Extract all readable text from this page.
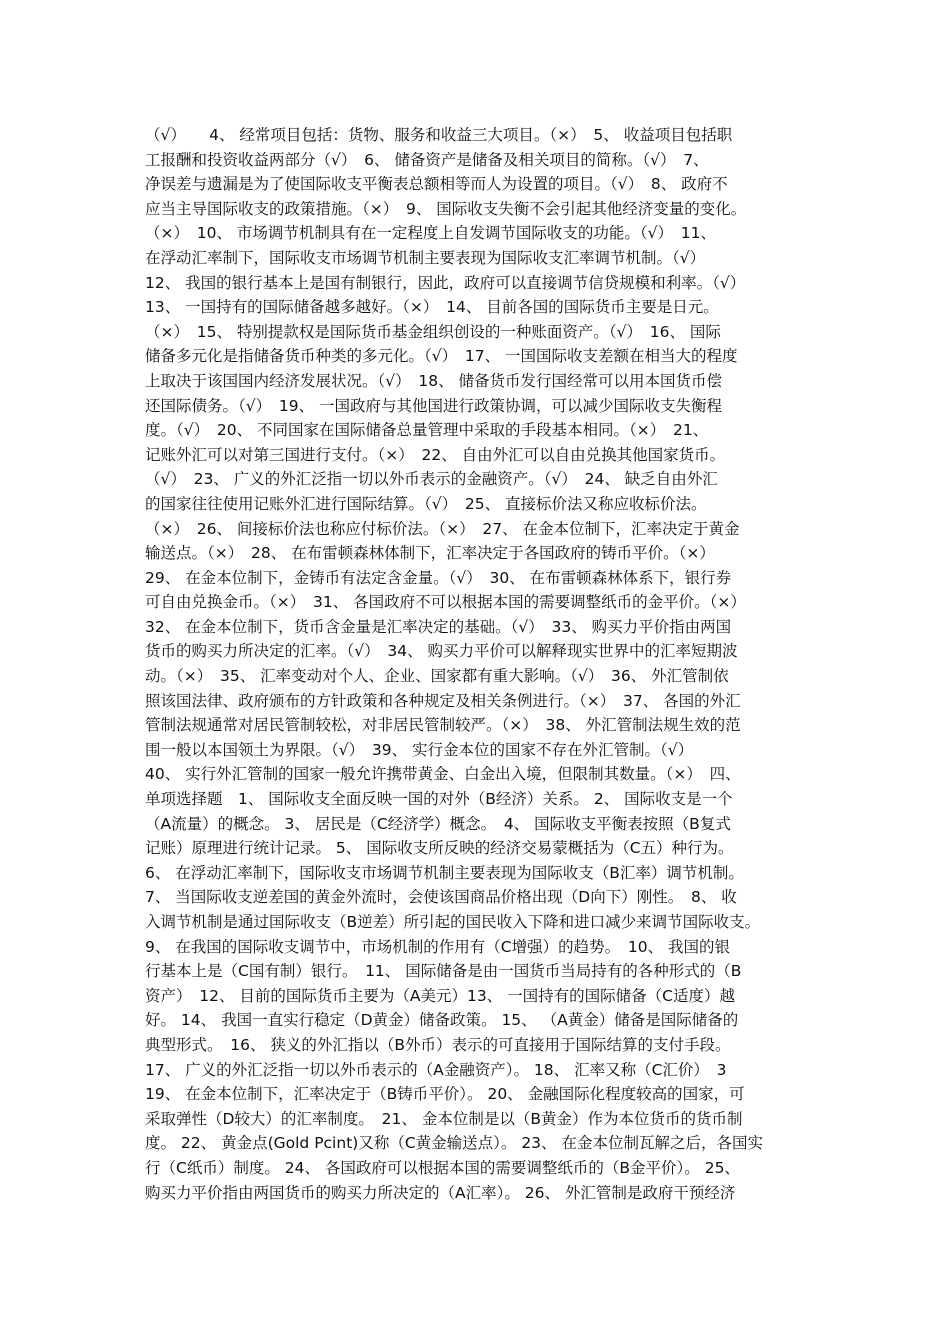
（√）　　4、 经常项目包括：货物、服务和收益三大项目。（×）　5、 收益项目包括职
工报酬和投资收益两部分（√）　6、 储备资产是储备及相关项目的简称。（√）　7、
净误差与遗漏是为了使国际收支平衡表总额相等而人为设置的项目。（√）　8、 政府不
应当主导国际收支的政策措施。（×）　9、 国际收支失衡不会引起其他经济变量的变化。
（×）　10、 市场调节机制具有在一定程度上自发调节国际收支的功能。（√）　11、
在浮动汇率制下，国际收支市场调节机制主要表现为国际收支汇率调节机制。（√）
12、 我国的银行基本上是国有制银行，因此，政府可以直接调节信贷规模和利率。（√）
13、 一国持有的国际储备越多越好。（×）　14、 目前各国的国际货币主要是日元。
（×）　15、 特别提款权是国际货币基金组织创设的一种账面资产。（√）　16、 国际
储备多元化是指储备货币种类的多元化。（√）　17、 一国国际收支差额在相当大的程度
上取决于该国国内经济发展状况。（√）　18、 储备货币发行国经常可以用本国货币偿
还国际债务。（√）　19、 一国政府与其他国进行政策协调，可以减少国际收支失衡程
度。（√）　20、 不同国家在国际储备总量管理中采取的手段基本相同。（×）　21、
记账外汇可以对第三国进行支付。（×）　22、 自由外汇可以自由兑换其他国家货币。
（√）　23、 广义的外汇泛指一切以外币表示的金融资产。（√）　24、 缺乏自由外汇
的国家往往使用记账外汇进行国际结算。（√）　25、 直接标价法又称应收标价法。
（×）　26、 间接标价法也称应付标价法。（×）　27、 在金本位制下，汇率决定于黄金
输送点。（×）　28、 在布雷顿森林体制下，汇率决定于各国政府的铸币平价。（×）
29、 在金本位制下，金铸币有法定含金量。（√）　30、 在布雷顿森林体系下，银行券
可自由兑换金币。（×）　31、 各国政府不可以根据本国的需要调整纸币的金平价。（×）
32、 在金本位制下，货币含金量是汇率决定的基础。（√）　33、 购买力平价指由两国
货币的购买力所决定的汇率。（√）　34、 购买力平价可以解释现实世界中的汇率短期波
动。（×）　35、 汇率变动对个人、企业、国家都有重大影响。（√）　36、 外汇管制依
照该国法律、政府颁布的方针政策和各种规定及相关条例进行。（×）　37、 各国的外汇
管制法规通常对居民管制较松，对非居民管制较严。（×）　38、 外汇管制法规生效的范
围一般以本国领土为界限。（√）　39、 实行金本位的国家不存在外汇管制。（√）
40、 实行外汇管制的国家一般允许携带黄金、白金出入境，但限制其数量。（×）　四、
单项选择题　1、 国际收支全面反映一国的对外（B经济）关系。 2、 国际收支是一个
（A流量）的概念。 3、 居民是（C经济学）概念。　4、 国际收支平衡表按照（B复式
记账）原理进行统计记录。 5、 国际收支所反映的经济交易蒙概括为（C五）种行为。
6、 在浮动汇率制下，国际收支市场调节机制主要表现为国际收支（B汇率）调节机制。
7、 当国际收支逆差国的黄金外流时，会使该国商品价格出现（D向下）刚性。　8、 收
入调节机制是通过国际收支（B逆差）所引起的国民收入下降和进口减少来调节国际收支。
9、 在我国的国际收支调节中，市场机制的作用有（C增强）的趋势。　10、 我国的银
行基本上是（C国有制）银行。　11、 国际储备是由一国货币当局持有的各种形式的（B
资产）　12、 目前的国际货币主要为（A美元）13、 一国持有的国际储备（C适度）越
好。 14、 我国一直实行稳定（D黄金）储备政策。 15、 （A黄金）储备是国际储备的
典型形式。　16、 狭义的外汇指以（B外币）表示的可直接用于国际结算的支付手段。
17、 广义的外汇泛指一切以外币表示的（A金融资产）。 18、 汇率又称（C汇价）　3
19、 在金本位制下，汇率决定于（B铸币平价）。 20、 金融国际化程度较高的国家，可
采取弹性（D较大）的汇率制度。　21、 金本位制是以（B黄金）作为本位货币的货币制
度。 22、 黄金点(Gold Pcint)又称（C黄金输送点）。 23、 在金本位制瓦解之后，各国实
行（C纸币）制度。 24、 各国政府可以根据本国的需要调整纸币的（B金平价）。 25、
购买力平价指由两国货币的购买力所决定的（A汇率）。 26、 外汇管制是政府干预经济
